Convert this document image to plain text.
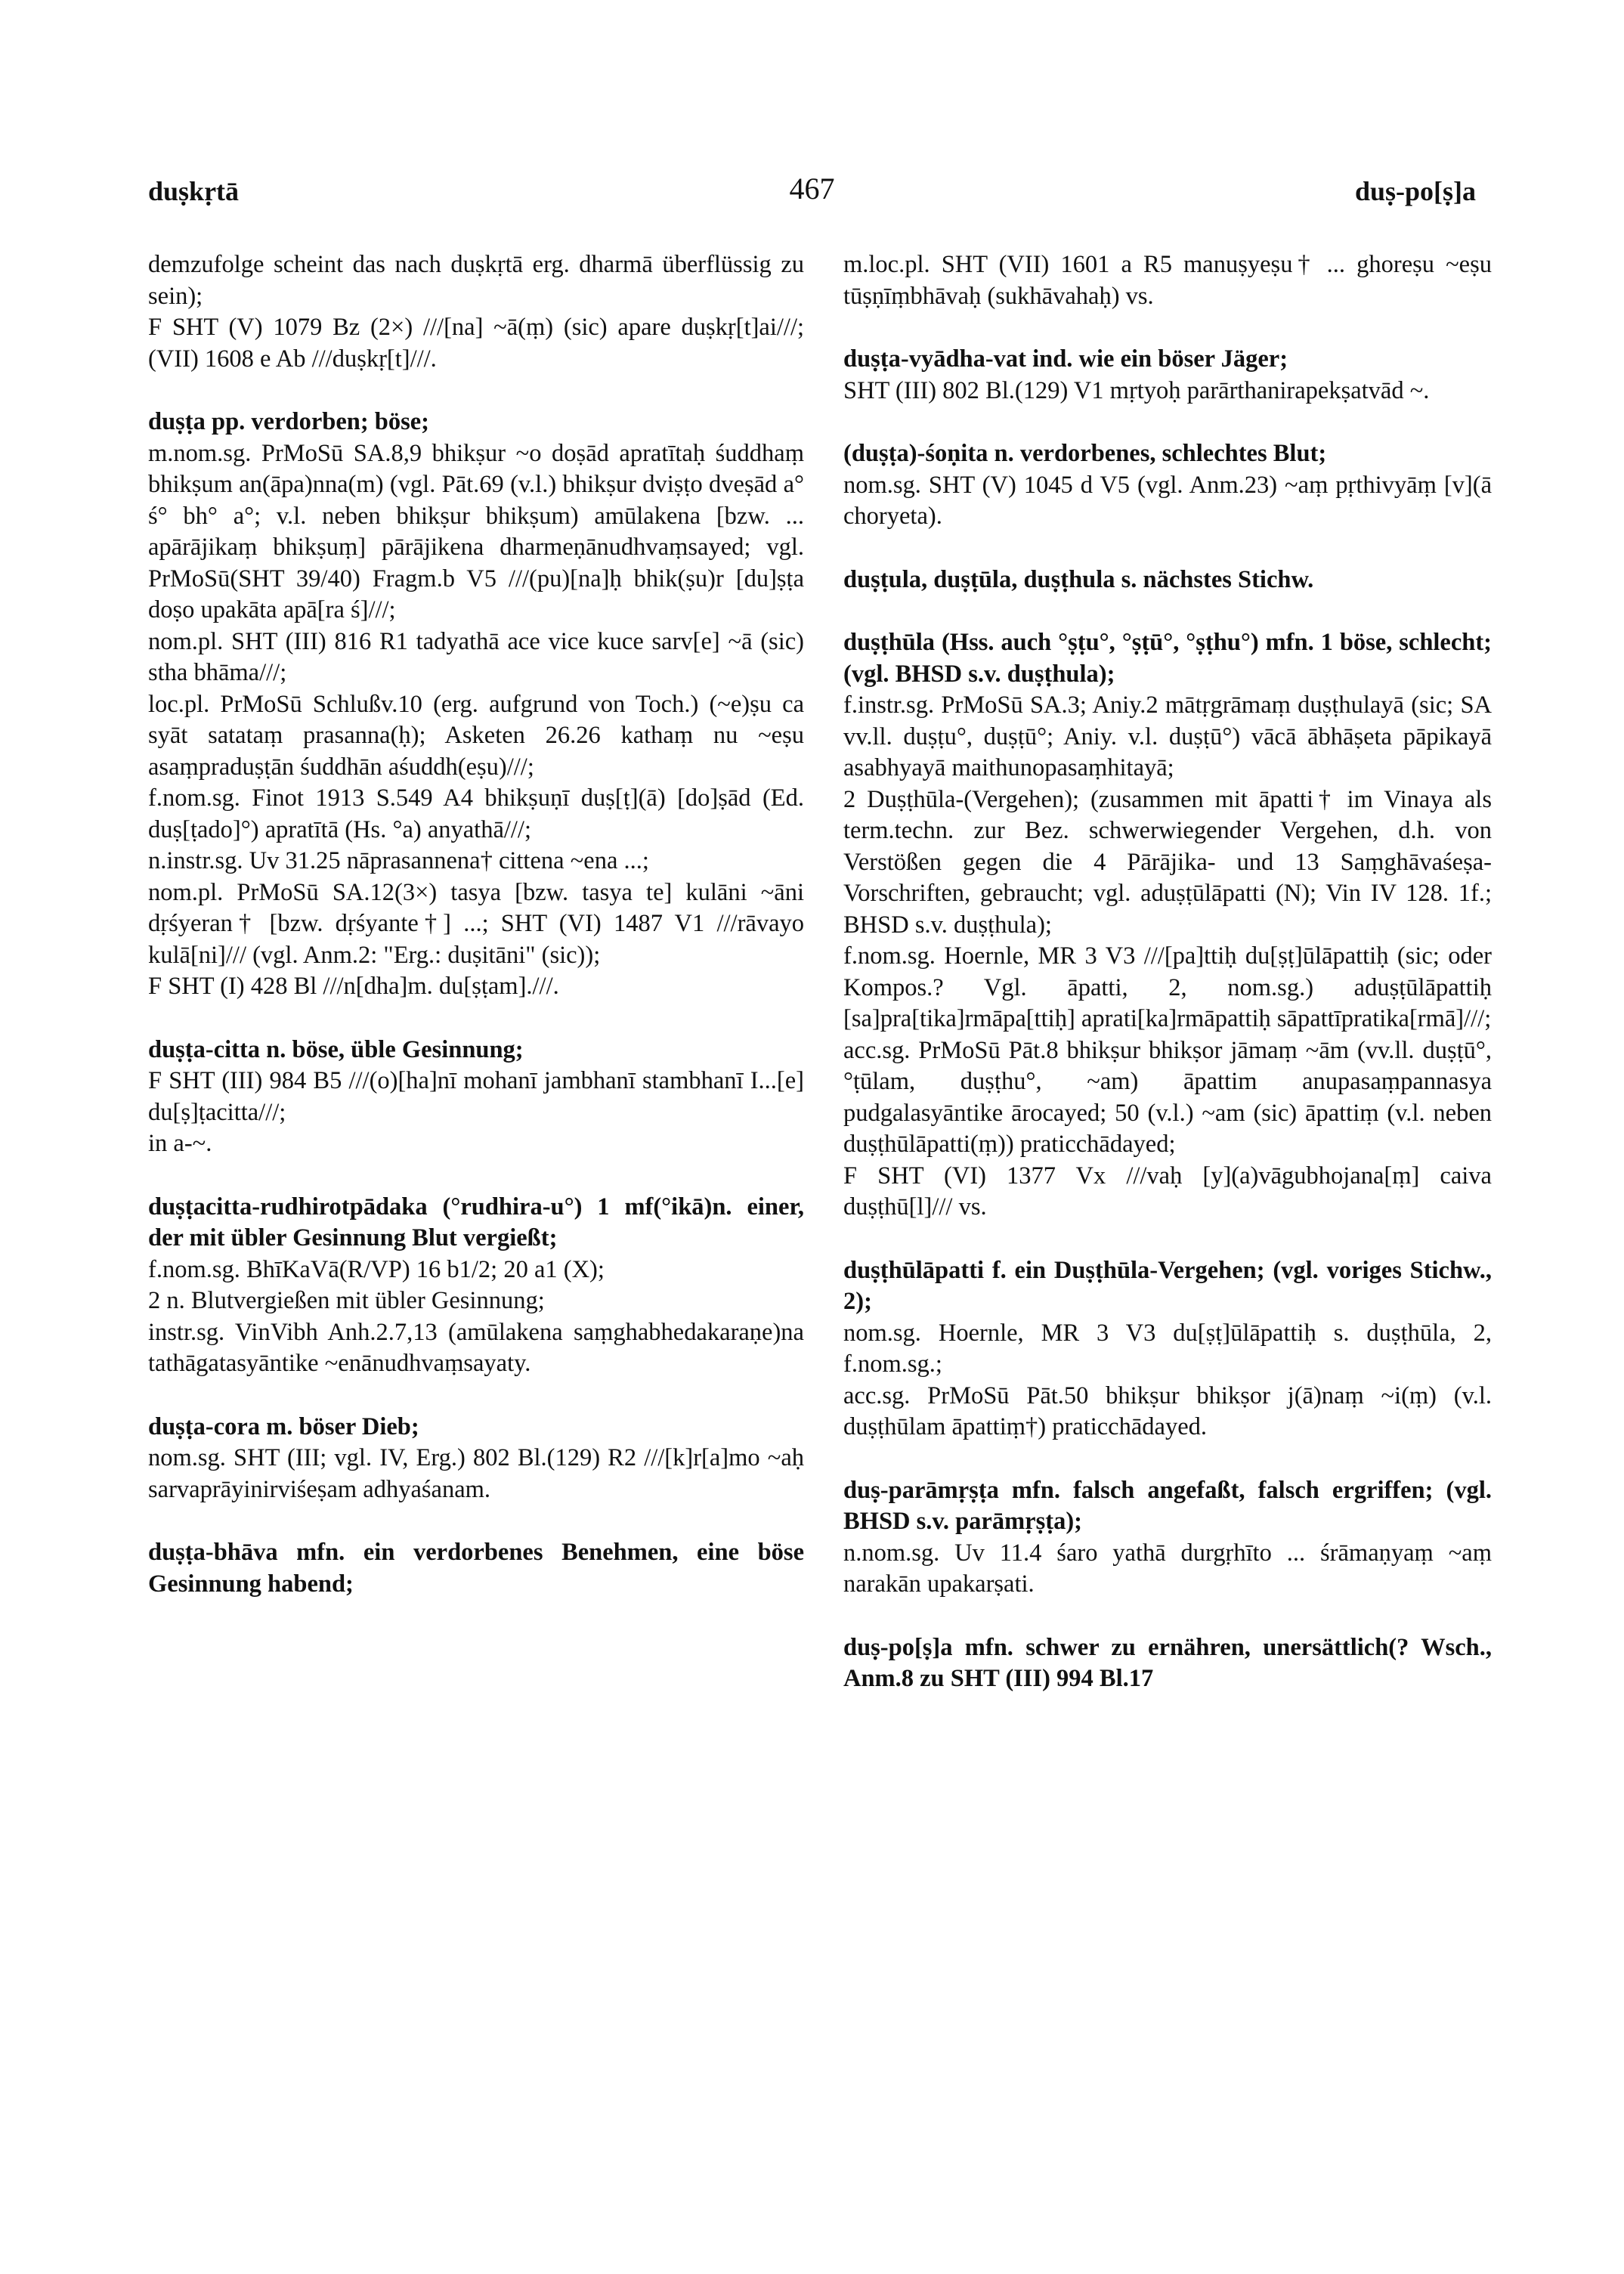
duṣkṛtā	467	duṣ-po[ṣ]a

demzufolge scheint das nach duṣkṛtā erg. dharmā überflüssig zu sein);

F SHT (V) 1079 Bz (2×) ///[na] ~ā(ṃ) (sic) apare duṣkṛ[t]ai///; (VII) 1608 e Ab ///duṣkṛ[t]///.

duṣṭa pp. verdorben; böse;

m.nom.sg. PrMoSū SA.8,9 bhikṣur ~o doṣād apratītaḥ śuddhaṃ bhikṣum an(āpa)nna(m) (vgl. Pāt.69 (v.l.) bhikṣur dviṣṭo dveṣād a° ś° bh° a°; v.l. neben bhikṣur bhikṣum) amūlakena [bzw. ... apārājikaṃ bhikṣuṃ] pārājikena dharmeṇānudhvaṃsayed; vgl. PrMoSū(SHT 39/40) Fragm.b V5 ///(pu)[na]ḥ bhik(ṣu)r [du]ṣṭa doṣo upakāta apā[ra ś]///;

nom.pl. SHT (III) 816 R1 tadyathā ace vice kuce sarv[e] ~ā (sic) stha bhāma///;

loc.pl. PrMoSū Schlußv.10 (erg. aufgrund von Toch.) (~e)ṣu ca syāt satataṃ prasanna(ḥ); Asketen 26.26 kathaṃ nu ~eṣu asaṃpraduṣṭān śuddhān aśuddh(eṣu)///;

f.nom.sg. Finot 1913 S.549 A4 bhikṣuṇī duṣ[ṭ](ā) [do]ṣād (Ed. duṣ[ṭado]°) apratītā (Hs. °a) anyathā///;

n.instr.sg. Uv 31.25 nāprasannena† cittena ~ena ...;

nom.pl. PrMoSū SA.12(3×) tasya [bzw. tasya te] kulāni ~āni dṛśyeran† [bzw. dṛśyante†] ...; SHT (VI) 1487 V1 ///rāvayo kulā[ni]/// (vgl. Anm.2: "Erg.: duṣitāni" (sic));

F SHT (I) 428 Bl ///n[dha]m. du[ṣṭam].///.

duṣṭa-citta n. böse, üble Gesinnung;

F SHT (III) 984 B5 ///(o)[ha]nī mohanī jambhanī stambhanī I...[e] du[ṣ]ṭacitta///;

in a-~.

duṣṭacitta-rudhirotpādaka (°rudhira-u°) 1 mf(°ikā)n. einer, der mit übler Gesinnung Blut vergießt;

f.nom.sg. BhīKaVā(R/VP) 16 b1/2; 20 a1 (X);

2 n. Blutvergießen mit übler Gesinnung;

instr.sg. VinVibh Anh.2.7,13 (amūlakena saṃghabhedakaraṇe)na tathāgatasyāntike ~enānudhvaṃsayaty.

duṣṭa-cora m. böser Dieb;

nom.sg. SHT (III; vgl. IV, Erg.) 802 Bl.(129) R2 ///[k]r[a]mo ~aḥ sarvaprāyinirviśeṣam adhyaśanam.

duṣṭa-bhāva mfn. ein verdorbenes Benehmen, eine böse Gesinnung habend;

m.loc.pl. SHT (VII) 1601 a R5 manuṣyeṣu† ... ghoreṣu ~eṣu tūṣṇīṃbhāvaḥ (sukhāvahaḥ) vs.

duṣṭa-vyādha-vat ind. wie ein böser Jäger;

SHT (III) 802 Bl.(129) V1 mṛtyoḥ parārthanirapekṣatvād ~.

(duṣṭa)-śoṇita n. verdorbenes, schlechtes Blut;

nom.sg. SHT (V) 1045 d V5 (vgl. Anm.23) ~aṃ pṛthivyāṃ [v](ā choryeta).

duṣṭula, duṣṭūla, duṣṭhula s. nächstes Stichw.

duṣṭhūla (Hss. auch °ṣṭu°, °ṣṭū°, °ṣṭhu°) mfn. 1 böse, schlecht; (vgl. BHSD s.v. duṣṭhula);

f.instr.sg. PrMoSū SA.3; Aniy.2 mātṛgrāmaṃ duṣṭhulayā (sic; SA vv.ll. duṣṭu°, duṣṭū°; Aniy. v.l. duṣṭū°) vācā ābhāṣeta pāpikayā asabhyayā maithunopasaṃhitayā;

2 Duṣṭhūla-(Vergehen); (zusammen mit āpatti† im Vinaya als term.techn. zur Bez. schwerwiegender Vergehen, d.h. von Verstößen gegen die 4 Pārājika- und 13 Saṃghāvaśeṣa-Vorschriften, gebraucht; vgl. aduṣṭūlāpatti (N); Vin IV 128. 1f.; BHSD s.v. duṣṭhula);

f.nom.sg. Hoernle, MR 3 V3 ///[pa]ttiḥ du[ṣṭ]ūlāpattiḥ (sic; oder Kompos.? Vgl. āpatti, 2, nom.sg.) aduṣṭūlāpattiḥ [sa]pra[tika]rmāpa[ttiḥ] aprati[ka]rmāpattiḥ sāpattīpratika[rmā]///;

acc.sg. PrMoSū Pāt.8 bhikṣur bhikṣor jāmaṃ ~ām (vv.ll. duṣṭū°, °ṭūlam, duṣṭhu°, ~am) āpattim anupasaṃpannasya pudgalasyāntike ārocayed; 50 (v.l.) ~am (sic) āpattiṃ (v.l. neben duṣṭhūlāpatti(ṃ)) praticchādayed;

F SHT (VI) 1377 Vx ///vaḥ [y](a)vāgubhojana[ṃ] caiva duṣṭhū[l]/// vs.

duṣṭhūlāpatti f. ein Duṣṭhūla-Vergehen; (vgl. voriges Stichw., 2);

nom.sg. Hoernle, MR 3 V3 du[ṣṭ]ūlāpattiḥ s. duṣṭhūla, 2, f.nom.sg.;

acc.sg. PrMoSū Pāt.50 bhikṣur bhikṣor j(ā)naṃ ~i(ṃ) (v.l. duṣṭhūlam āpattiṃ†) praticchādayed.

duṣ-parāmṛṣṭa mfn. falsch angefaßt, falsch ergriffen; (vgl. BHSD s.v. parāmṛṣṭa);

n.nom.sg. Uv 11.4 śaro yathā durgṛhīto ... śrāmaṇyaṃ ~aṃ narakān upakarṣati.

duṣ-po[ṣ]a mfn. schwer zu ernähren, unersättlich(? Wsch., Anm.8 zu SHT (III) 994 Bl.17
